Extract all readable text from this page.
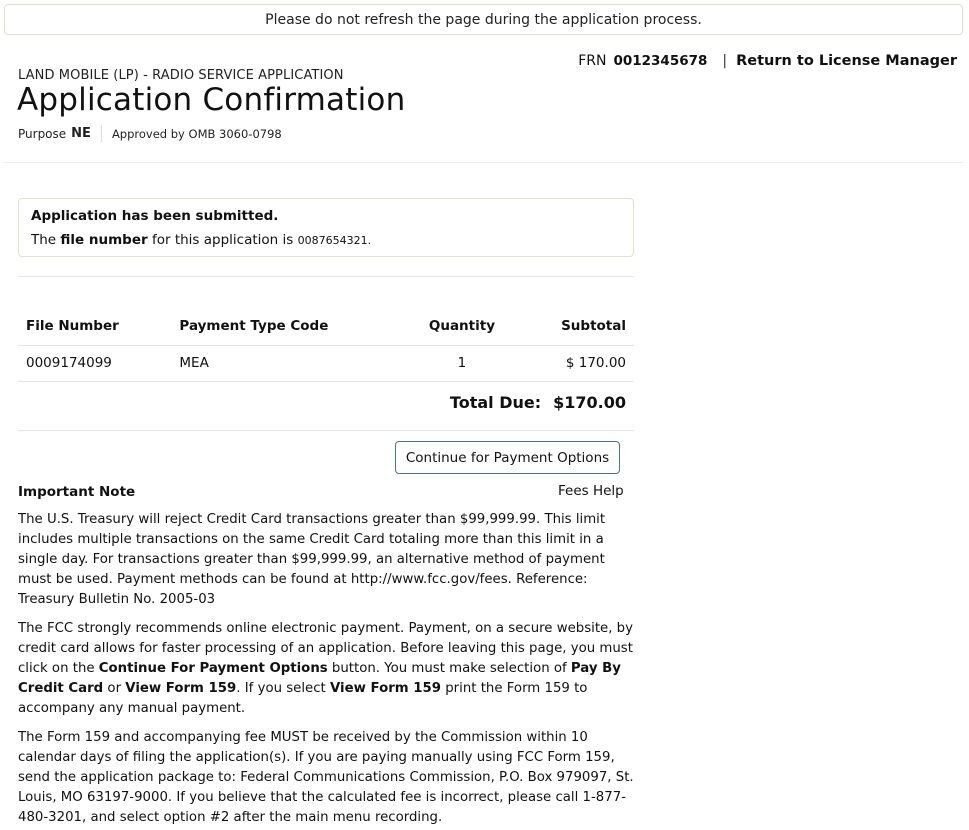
Please do not refresh the page during the application process.
FRN 0012345678 | Return to License Manager
LAND MOBILE (LP) - RADIO SERVICE APPLICATION
Application Confirmation
Purpose NE Approved by OMB 3060-0798
Application has been submitted.
The file number for this application is 0087654321.
File Number	Payment Type Code	Quantity	Subtotal
0009174099	MEA	1	$ 170.00
Total Due: $170.00
Continue for Payment Options
Important Note	Fees Help

The U.S. Treasury will reject Credit Card transactions greater than $99,999.99. This limit includes multiple transactions on the same Credit Card totaling more than this limit in a single day. For transactions greater than $99,999.99, an alternative method of payment must be used. Payment methods can be found at http://www.fcc.gov/fees. Reference: Treasury Bulletin No. 2005-03

The FCC strongly recommends online electronic payment. Payment, on a secure website, by credit card allows for faster processing of an application. Before leaving this page, you must click on the Continue For Payment Options button. You must make selection of Pay By Credit Card or View Form 159. If you select View Form 159 print the Form 159 to accompany any manual payment.

The Form 159 and accompanying fee MUST be received by the Commission within 10 calendar days of filing the application(s). If you are paying manually using FCC Form 159, send the application package to: Federal Communications Commission, P.O. Box 979097, St. Louis, MO 63197-9000. If you believe that the calculated fee is incorrect, please call 1-877-480-3201, and select option #2 after the main menu recording.
